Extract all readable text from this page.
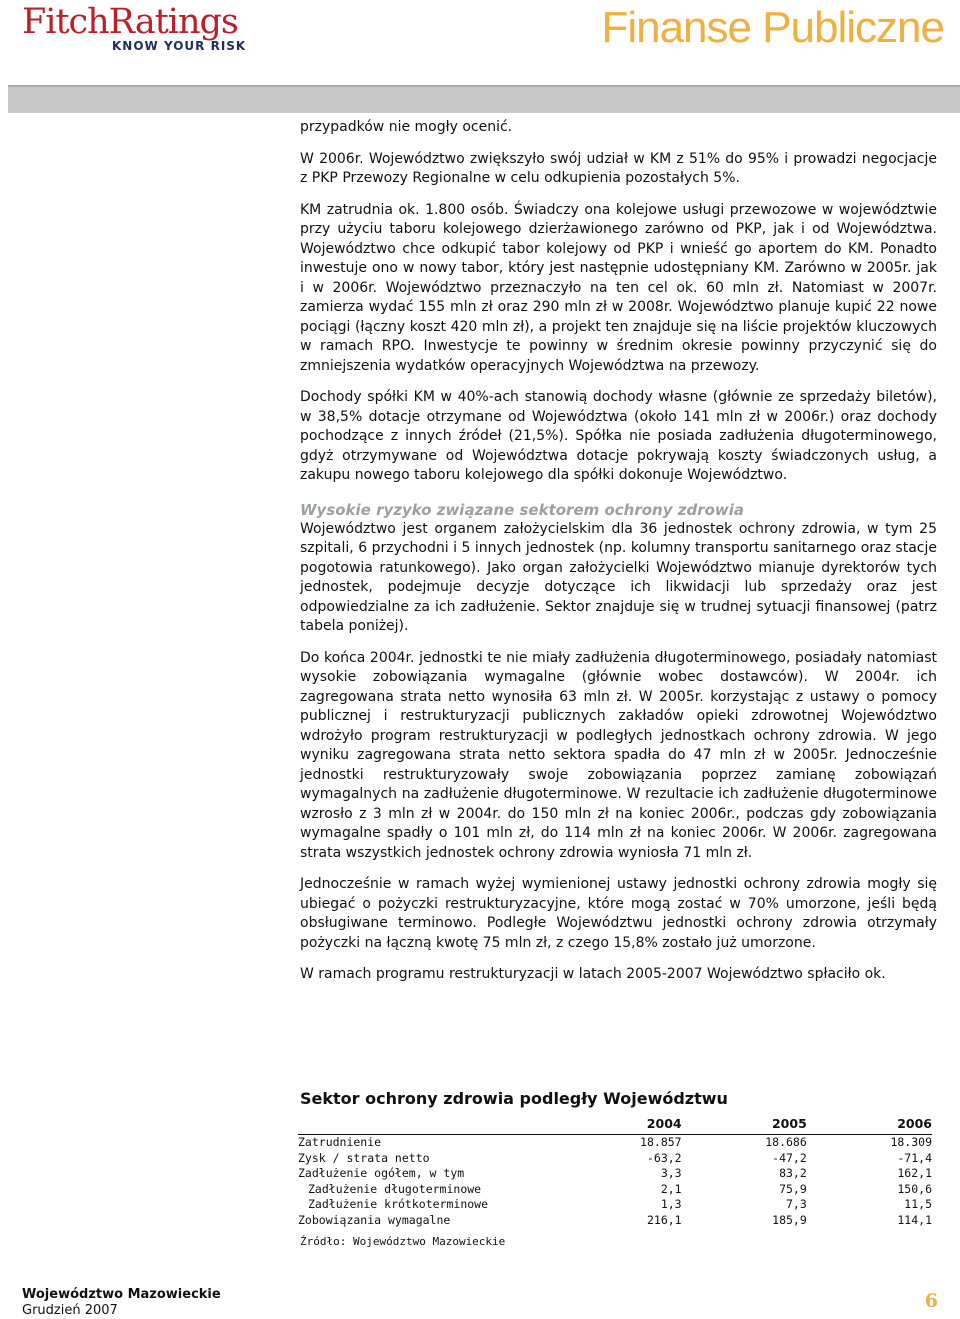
FitchRatings
KNOW YOUR RISK	Finanse Publiczne

przypadków nie mogły ocenić.

W 2006r. Województwo zwiększyło swój udział w KM z 51% do 95% i prowadzi negocjacje z PKP Przewozy Regionalne w celu odkupienia pozostałych 5%.

KM zatrudnia ok. 1.800 osób. Świadczy ona kolejowe usługi przewozowe w województwie przy użyciu taboru kolejowego dzierżawionego zarówno od PKP, jak i od Województwa. Województwo chce odkupić tabor kolejowy od PKP i wnieść go aportem do KM. Ponadto inwestuje ono w nowy tabor, który jest następnie udostępniany KM. Zarówno w 2005r. jak i w 2006r. Województwo przeznaczyło na ten cel ok. 60 mln zł. Natomiast w 2007r. zamierza wydać 155 mln zł oraz 290 mln zł w 2008r. Województwo planuje kupić 22 nowe pociągi (łączny koszt 420 mln zł), a projekt ten znajduje się na liście projektów kluczowych w ramach RPO. Inwestycje te powinny w średnim okresie powinny przyczynić się do zmniejszenia wydatków operacyjnych Województwa na przewozy.

Dochody spółki KM w 40%-ach stanowią dochody własne (głównie ze sprzedaży biletów), w 38,5% dotacje otrzymane od Województwa (około 141 mln zł w 2006r.) oraz dochody pochodzące z innych źródeł (21,5%). Spółka nie posiada zadłużenia długoterminowego, gdyż otrzymywane od Województwa dotacje pokrywają koszty świadczonych usług, a zakupu nowego taboru kolejowego dla spółki dokonuje Województwo.

Wysokie ryzyko związane sektorem ochrony zdrowia

Województwo jest organem założycielskim dla 36 jednostek ochrony zdrowia, w tym 25 szpitali, 6 przychodni i 5 innych jednostek (np. kolumny transportu sanitarnego oraz stacje pogotowia ratunkowego). Jako organ założycielki Województwo mianuje dyrektorów tych jednostek, podejmuje decyzje dotyczące ich likwidacji lub sprzedaży oraz jest odpowiedzialne za ich zadłużenie. Sektor znajduje się w trudnej sytuacji finansowej (patrz tabela poniżej).

Do końca 2004r. jednostki te nie miały zadłużenia długoterminowego, posiadały natomiast wysokie zobowiązania wymagalne (głównie wobec dostawców). W 2004r. ich zagregowana strata netto wynosiła 63 mln zł. W 2005r. korzystając z ustawy o pomocy publicznej i restrukturyzacji publicznych zakładów opieki zdrowotnej Województwo wdrożyło program restrukturyzacji w podległych jednostkach ochrony zdrowia. W jego wyniku zagregowana strata netto sektora spadła do 47 mln zł w 2005r. Jednocześnie jednostki restrukturyzowały swoje zobowiązania poprzez zamianę zobowiązań wymagalnych na zadłużenie długoterminowe. W rezultacie ich zadłużenie długoterminowe wzrosło z 3 mln zł w 2004r. do 150 mln zł na koniec 2006r., podczas gdy zobowiązania wymagalne spadły o 101 mln zł, do 114 mln zł na koniec 2006r. W 2006r. zagregowana strata wszystkich jednostek ochrony zdrowia wyniosła 71 mln zł.

Jednocześnie w ramach wyżej wymienionej ustawy jednostki ochrony zdrowia mogły się ubiegać o pożyczki restrukturyzacyjne, które mogą zostać w 70% umorzone, jeśli będą obsługiwane terminowo. Podległe Województwu jednostki ochrony zdrowia otrzymały pożyczki na łączną kwotę 75 mln zł, z czego 15,8% zostało już umorzone.

W ramach programu restrukturyzacji w latach 2005-2007 Województwo spłaciło ok.

Sektor ochrony zdrowia podległy Województwu
	2004	2005	2006
Zatrudnienie	18.857	18.686	18.309
Zysk / strata netto	-63,2	-47,2	-71,4
Zadłużenie ogółem, w tym	3,3	83,2	162,1
Zadłużenie długoterminowe	2,1	75,9	150,6
Zadłużenie krótkoterminowe	1,3	7,3	11,5
Zobowiązania wymagalne	216,1	185,9	114,1
Źródło: Województwo Mazowieckie
Województwo Mazowieckie
Grudzień 2007	6
